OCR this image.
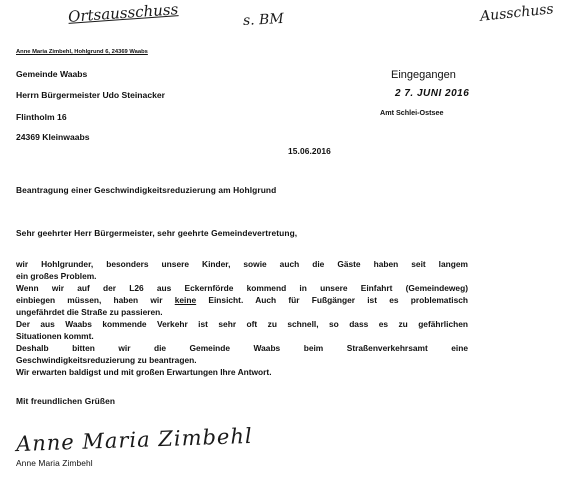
Ortsausschuss	s. BM	Ausschuss
Anne Maria Zimbehl, Hohlgrund 6, 24369 Waabs
Gemeinde Waabs
Herrn Bürgermeister Udo Steinacker
Flintholm 16
24369 Kleinwaabs
Eingegangen
2 7. JUNI 2016
Amt Schlei-Ostsee
15.06.2016
Beantragung einer Geschwindigkeitsreduzierung am Hohlgrund
Sehr geehrter Herr Bürgermeister, sehr geehrte Gemeindevertretung,
wir Hohlgrunder, besonders unsere Kinder, sowie auch die Gäste haben seit langem
ein großes Problem.
Wenn wir auf der L26 aus Eckernförde kommend in unsere Einfahrt (Gemeindeweg)
einbiegen müssen, haben wir keine Einsicht. Auch für Fußgänger ist es problematisch
ungefährdet die Straße zu passieren.
Der aus Waabs kommende Verkehr ist sehr oft zu schnell, so dass es zu gefährlichen
Situationen kommt.
Deshalb bitten wir die Gemeinde Waabs beim Straßenverkehrsamt eine
Geschwindigkeitsreduzierung zu beantragen.
Wir erwarten baldigst und mit großen Erwartungen Ihre Antwort.
Mit freundlichen Grüßen
Anne Maria Zimbehl
Anne Maria Zimbehl
